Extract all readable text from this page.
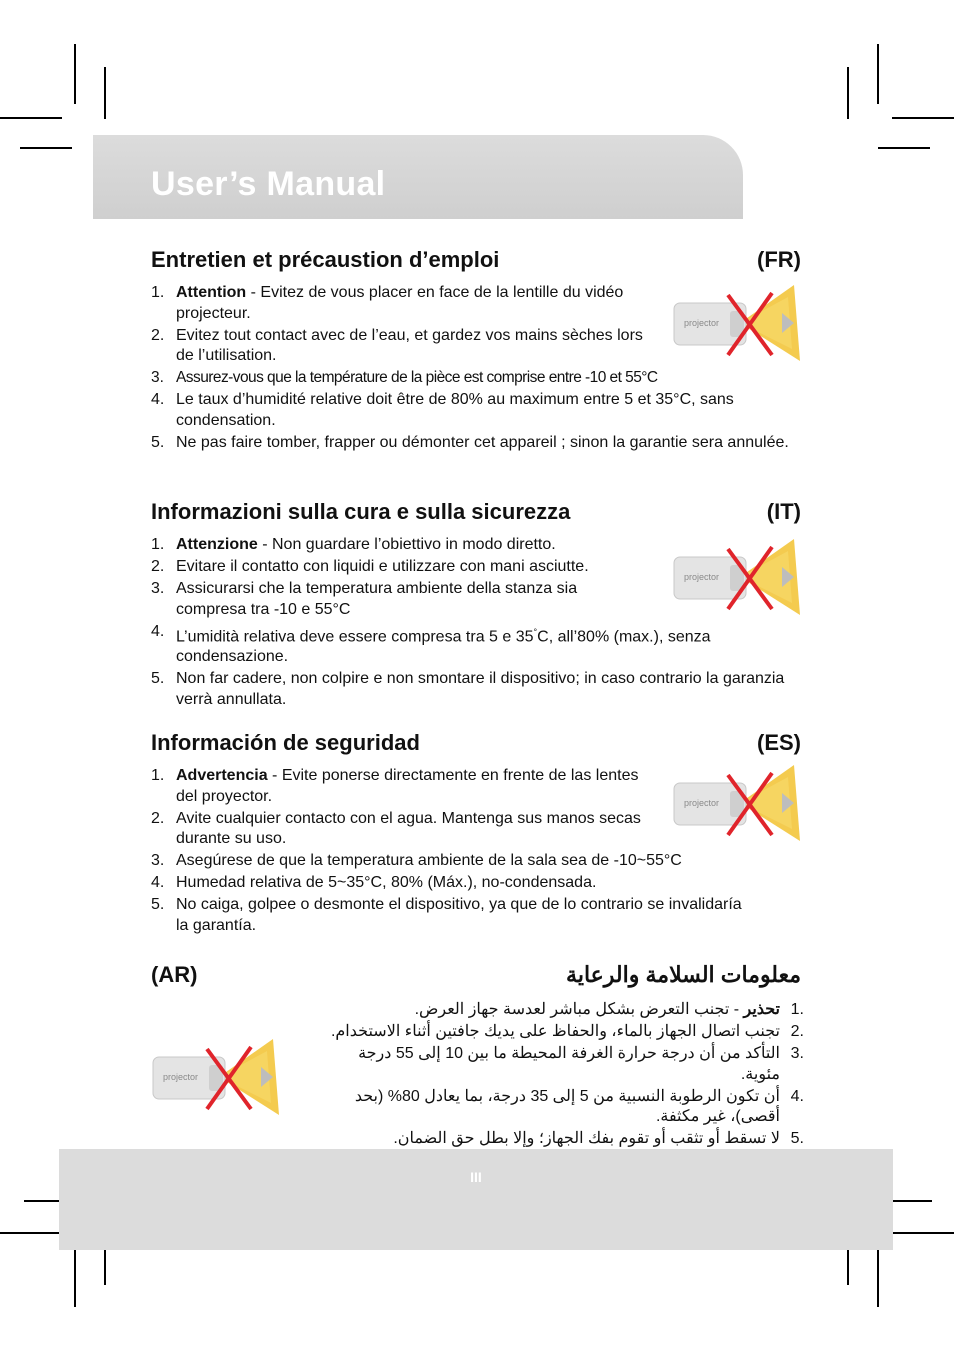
User’s Manual
Entretien et précaustion d’emploi	(FR)
1. Attention - Evitez de vous placer en face de la lentille du vidéo projecteur.
2. Evitez tout contact avec de l’eau, et gardez vos mains sèches lors de l’utilisation.
3. Assurez-vous que la température de la pièce est comprise entre -10 et 55°C
4. Le taux d’humidité relative doit être de 80% au maximum entre 5 et 35°C, sans condensation.
5. Ne pas faire tomber, frapper ou démonter cet appareil ; sinon la garantie sera annulée.
Informazioni sulla cura e sulla sicurezza	(IT)
1. Attenzione - Non guardare l’obiettivo in modo diretto.
2. Evitare il contatto con liquidi e utilizzare con mani asciutte.
3. Assicurarsi che la temperatura ambiente della stanza sia compresa tra -10 e 55°C
4. L’umidità relativa deve essere compresa tra 5 e 35°C, all’80% (max.), senza condensazione.
5. Non far cadere, non colpire e non smontare il dispositivo; in caso contrario la garanzia verrà annullata.
Información de seguridad	(ES)
1. Advertencia - Evite ponerse directamente en frente de las lentes del proyector.
2. Avite cualquier contacto con el agua. Mantenga sus manos secas durante su uso.
3. Asegúrese de que la temperatura ambiente de la sala sea de -10~55°C
4. Humedad relativa de 5~35°C, 80% (Máx.), no-condensada.
5. No caiga, golpee o desmonte el dispositivo, ya que de lo contrario se invalidaría la garantía.
(AR)	معلومات السلامة والرعاية
.1
تحذير - تجنب التعرض بشكل مباشر لعدسة جهاز العرض.
.2
تجنب اتصال الجهاز بالماء، والحفاظ على يديك جافتين أثناء الاستخدام.
.3
التأكد من أن درجة حرارة الغرفة المحيطة ما بين 10 إلى 55 درجة مئوية.
.4
أن تكون الرطوبة النسبية من 5 إلى 35 درجة، بما يعادل 80% (بحد أقصى)، غير مكثفة.
.5
لا تسقط أو تثقب أو تقوم بفك الجهاز؛ وإلا بطل حق الضمان.
projector
projector
projector
projector
III
